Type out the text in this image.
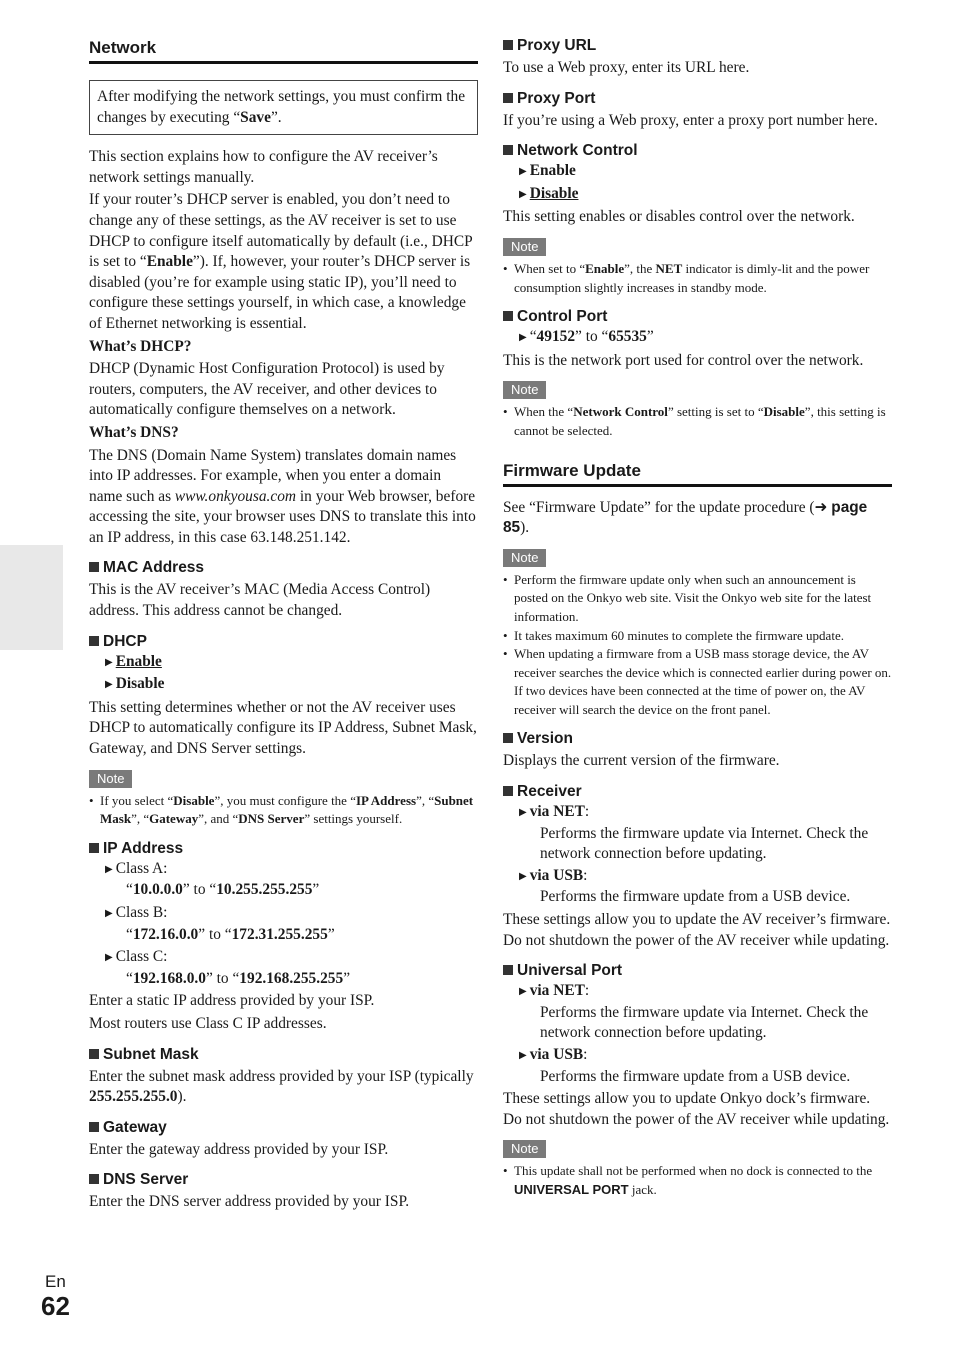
Network
After modifying the network settings, you must confirm the changes by executing “Save”.

This section explains how to configure the AV receiver’s network settings manually.

If your router’s DHCP server is enabled, you don’t need to change any of these settings, as the AV receiver is set to use DHCP to configure itself automatically by default (i.e., DHCP is set to “Enable”). If, however, your router’s DHCP server is disabled (you’re for example using static IP), you’ll need to configure these settings yourself, in which case, a knowledge of Ethernet networking is essential.

What’s DHCP?

DHCP (Dynamic Host Configuration Protocol) is used by routers, computers, the AV receiver, and other devices to automatically configure themselves on a network.

What’s DNS?

The DNS (Domain Name System) translates domain names into IP addresses. For example, when you enter a domain name such as www.onkyousa.com in your Web browser, before accessing the site, your browser uses DNS to translate this into an IP address, in this case 63.148.251.142.

MAC Address

This is the AV receiver’s MAC (Media Access Control) address. This address cannot be changed.

DHCP
▶ Enable
▶ Disable

This setting determines whether or not the AV receiver uses DHCP to automatically configure its IP Address, Subnet Mask, Gateway, and DNS Server settings.

Note
• If you select “Disable”, you must configure the “IP Address”, “Subnet Mask”, “Gateway”, and “DNS Server” settings yourself.
IP Address
▶ Class A:
“10.0.0.0” to “10.255.255.255”
▶ Class B:
“172.16.0.0” to “172.31.255.255”
▶ Class C:
“192.168.0.0” to “192.168.255.255”

Enter a static IP address provided by your ISP.

Most routers use Class C IP addresses.

Subnet Mask

Enter the subnet mask address provided by your ISP (typically 255.255.255.0).

Gateway

Enter the gateway address provided by your ISP.

DNS Server

Enter the DNS server address provided by your ISP.

Proxy URL

To use a Web proxy, enter its URL here.

Proxy Port

If you’re using a Web proxy, enter a proxy port number here.

Network Control
▶ Enable
▶ Disable

This setting enables or disables control over the network.

Note
• When set to “Enable”, the NET indicator is dimly-lit and the power consumption slightly increases in standby mode.
Control Port
▶ “49152” to “65535”

This is the network port used for control over the network.

Note
• When the “Network Control” setting is set to “Disable”, this setting is cannot be selected.
Firmware Update

See “Firmware Update” for the update procedure (➜ page 85).

Note
• Perform the firmware update only when such an announcement is posted on the Onkyo web site. Visit the Onkyo web site for the latest information.
• It takes maximum 60 minutes to complete the firmware update.
• When updating a firmware from a USB mass storage device, the AV receiver searches the device which is connected earlier during power on. If two devices have been connected at the time of power on, the AV receiver will search the device on the front panel.
Version

Displays the current version of the firmware.

Receiver
▶ via NET:

Performs the firmware update via Internet. Check the network connection before updating.

▶ via USB:

Performs the firmware update from a USB device.

These settings allow you to update the AV receiver’s firmware. Do not shutdown the power of the AV receiver while updating.

Universal Port
▶ via NET:

Performs the firmware update via Internet. Check the network connection before updating.

▶ via USB:

Performs the firmware update from a USB device.

These settings allow you to update Onkyo dock’s firmware. Do not shutdown the power of the AV receiver while updating.

Note
• This update shall not be performed when no dock is connected to the UNIVERSAL PORT jack.
En
62
